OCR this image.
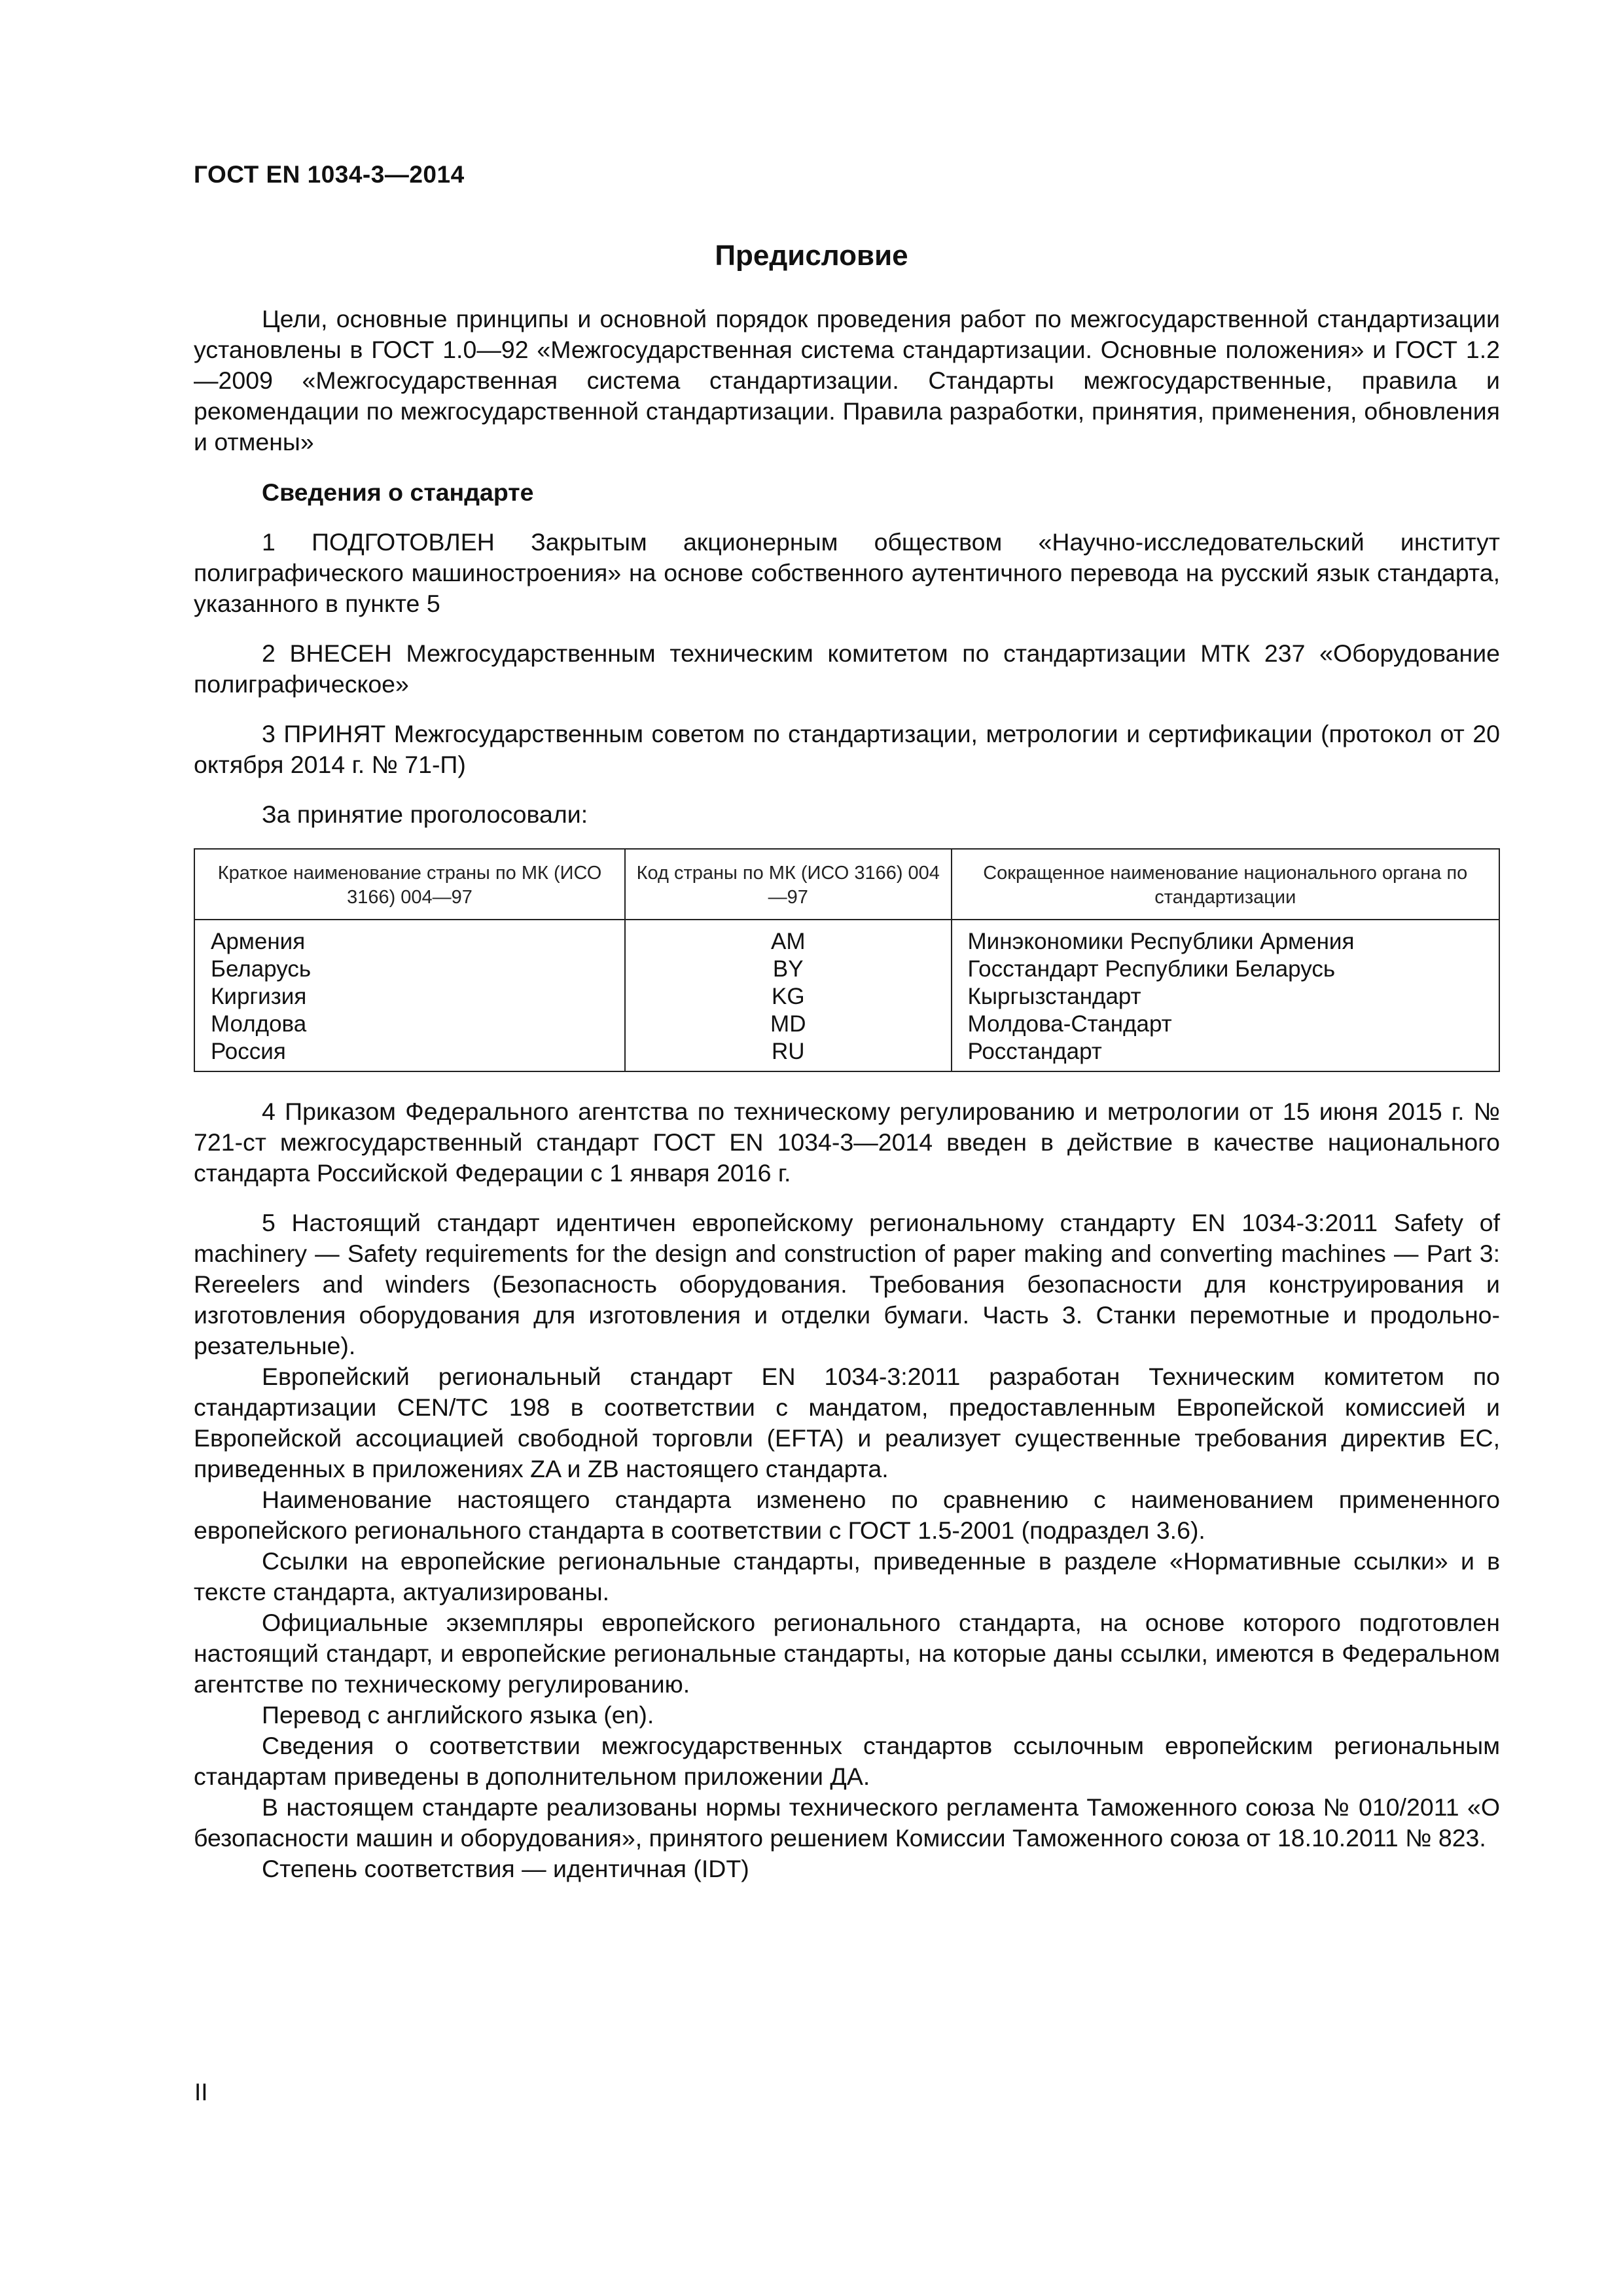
ГОСТ EN 1034-3—2014
Предисловие

Цели, основные принципы и основной порядок проведения работ по межгосударственной стандартизации установлены в ГОСТ 1.0—92 «Межгосударственная система стандартизации. Основные положения» и ГОСТ 1.2—2009 «Межгосударственная система стандартизации. Стандарты межгосударственные, правила и рекомендации по межгосударственной стандартизации. Правила разработки, принятия, применения, обновления и отмены»

Сведения о стандарте

1 ПОДГОТОВЛЕН Закрытым акционерным обществом «Научно-исследовательский институт полиграфического машиностроения» на основе собственного аутентичного перевода на русский язык стандарта, указанного в пункте 5

2 ВНЕСЕН Межгосударственным техническим комитетом по стандартизации МТК 237 «Оборудование полиграфическое»

3 ПРИНЯТ Межгосударственным советом по стандартизации, метрологии и сертификации (протокол от 20 октября 2014 г. № 71-П)

За принятие проголосовали:

Краткое наименование страны по МК (ИСО 3166) 004—97	Код страны по МК (ИСО 3166) 004—97	Сокращенное наименование национального органа по стандартизации
Армения	AM	Минэкономики Республики Армения
Беларусь	BY	Госстандарт Республики Беларусь
Киргизия	KG	Кыргызстандарт
Молдова	MD	Молдова-Стандарт
Россия	RU	Росстандарт

4 Приказом Федерального агентства по техническому регулированию и метрологии от 15 июня 2015 г. № 721-ст межгосударственный стандарт ГОСТ EN 1034-3—2014 введен в действие в качестве национального стандарта Российской Федерации с 1 января 2016 г.

5 Настоящий стандарт идентичен европейскому региональному стандарту EN 1034-3:2011 Safety of machinery — Safety requirements for the design and construction of paper making and converting machines — Part 3: Rereelers and winders (Безопасность оборудования. Требования безопасности для конструирования и изготовления оборудования для изготовления и отделки бумаги. Часть 3. Станки перемотные и продольно-резательные).

Европейский региональный стандарт EN 1034-3:2011 разработан Техническим комитетом по стандартизации CEN/TC 198 в соответствии с мандатом, предоставленным Европейской комиссией и Европейской ассоциацией свободной торговли (EFTA) и реализует существенные требования директив ЕС, приведенных в приложениях ZA и ZB настоящего стандарта.

Наименование настоящего стандарта изменено по сравнению с наименованием примененного европейского регионального стандарта в соответствии с ГОСТ 1.5-2001 (подраздел 3.6).

Ссылки на европейские региональные стандарты, приведенные в разделе «Нормативные ссылки» и в тексте стандарта, актуализированы.

Официальные экземпляры европейского регионального стандарта, на основе которого подготовлен настоящий стандарт, и европейские региональные стандарты, на которые даны ссылки, имеются в Федеральном агентстве по техническому регулированию.

Перевод с английского языка (en).

Сведения о соответствии межгосударственных стандартов ссылочным европейским региональным стандартам приведены в дополнительном приложении ДА.

В настоящем стандарте реализованы нормы технического регламента Таможенного союза № 010/2011 «О безопасности машин и оборудования», принятого решением Комиссии Таможенного союза от 18.10.2011 № 823.

Степень соответствия — идентичная (IDT)

II
